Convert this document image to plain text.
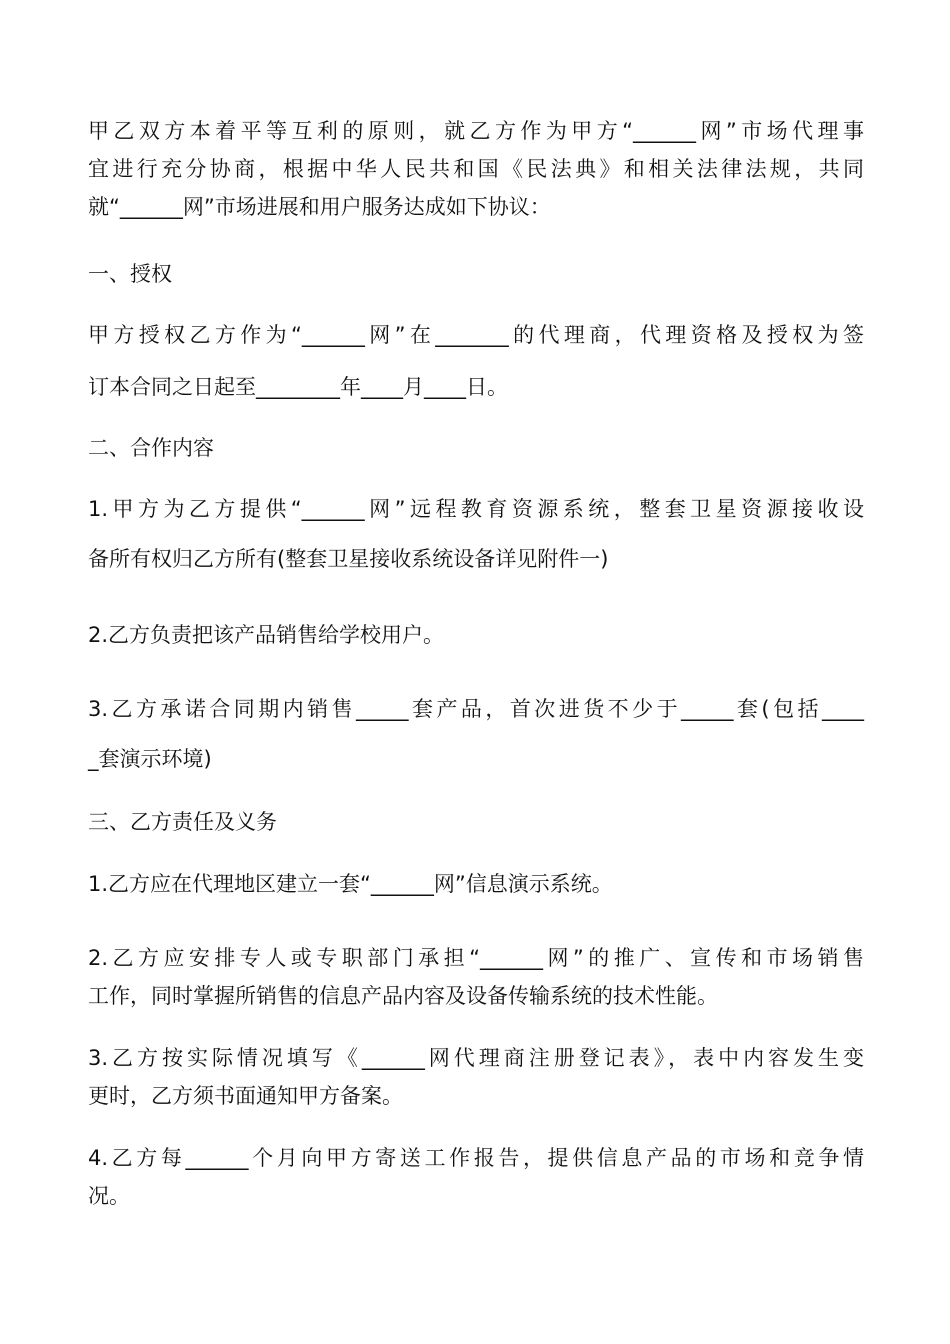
甲乙双方本着平等互利的原则，就乙方作为甲方“______网”市场代理事
宜进行充分协商，根据中华人民共和国《民法典》和相关法律法规，共同
就“______网”市场进展和用户服务达成如下协议：
一、授权
甲方授权乙方作为“______网”在_______的代理商，代理资格及授权为签
订本合同之日起至________年____月____日。
二、合作内容
1.甲方为乙方提供“______网”远程教育资源系统，整套卫星资源接收设
备所有权归乙方所有(整套卫星接收系统设备详见附件一)
2.乙方负责把该产品销售给学校用户。
3.乙方承诺合同期内销售_____套产品，首次进货不少于_____套(包括____
_套演示环境)
三、乙方责任及义务
1.乙方应在代理地区建立一套“______网”信息演示系统。
2.乙方应安排专人或专职部门承担“______网”的推广、宣传和市场销售
工作，同时掌握所销售的信息产品内容及设备传输系统的技术性能。
3.乙方按实际情况填写《______网代理商注册登记表》，表中内容发生变
更时，乙方须书面通知甲方备案。
4.乙方每______个月向甲方寄送工作报告，提供信息产品的市场和竞争情
况。
